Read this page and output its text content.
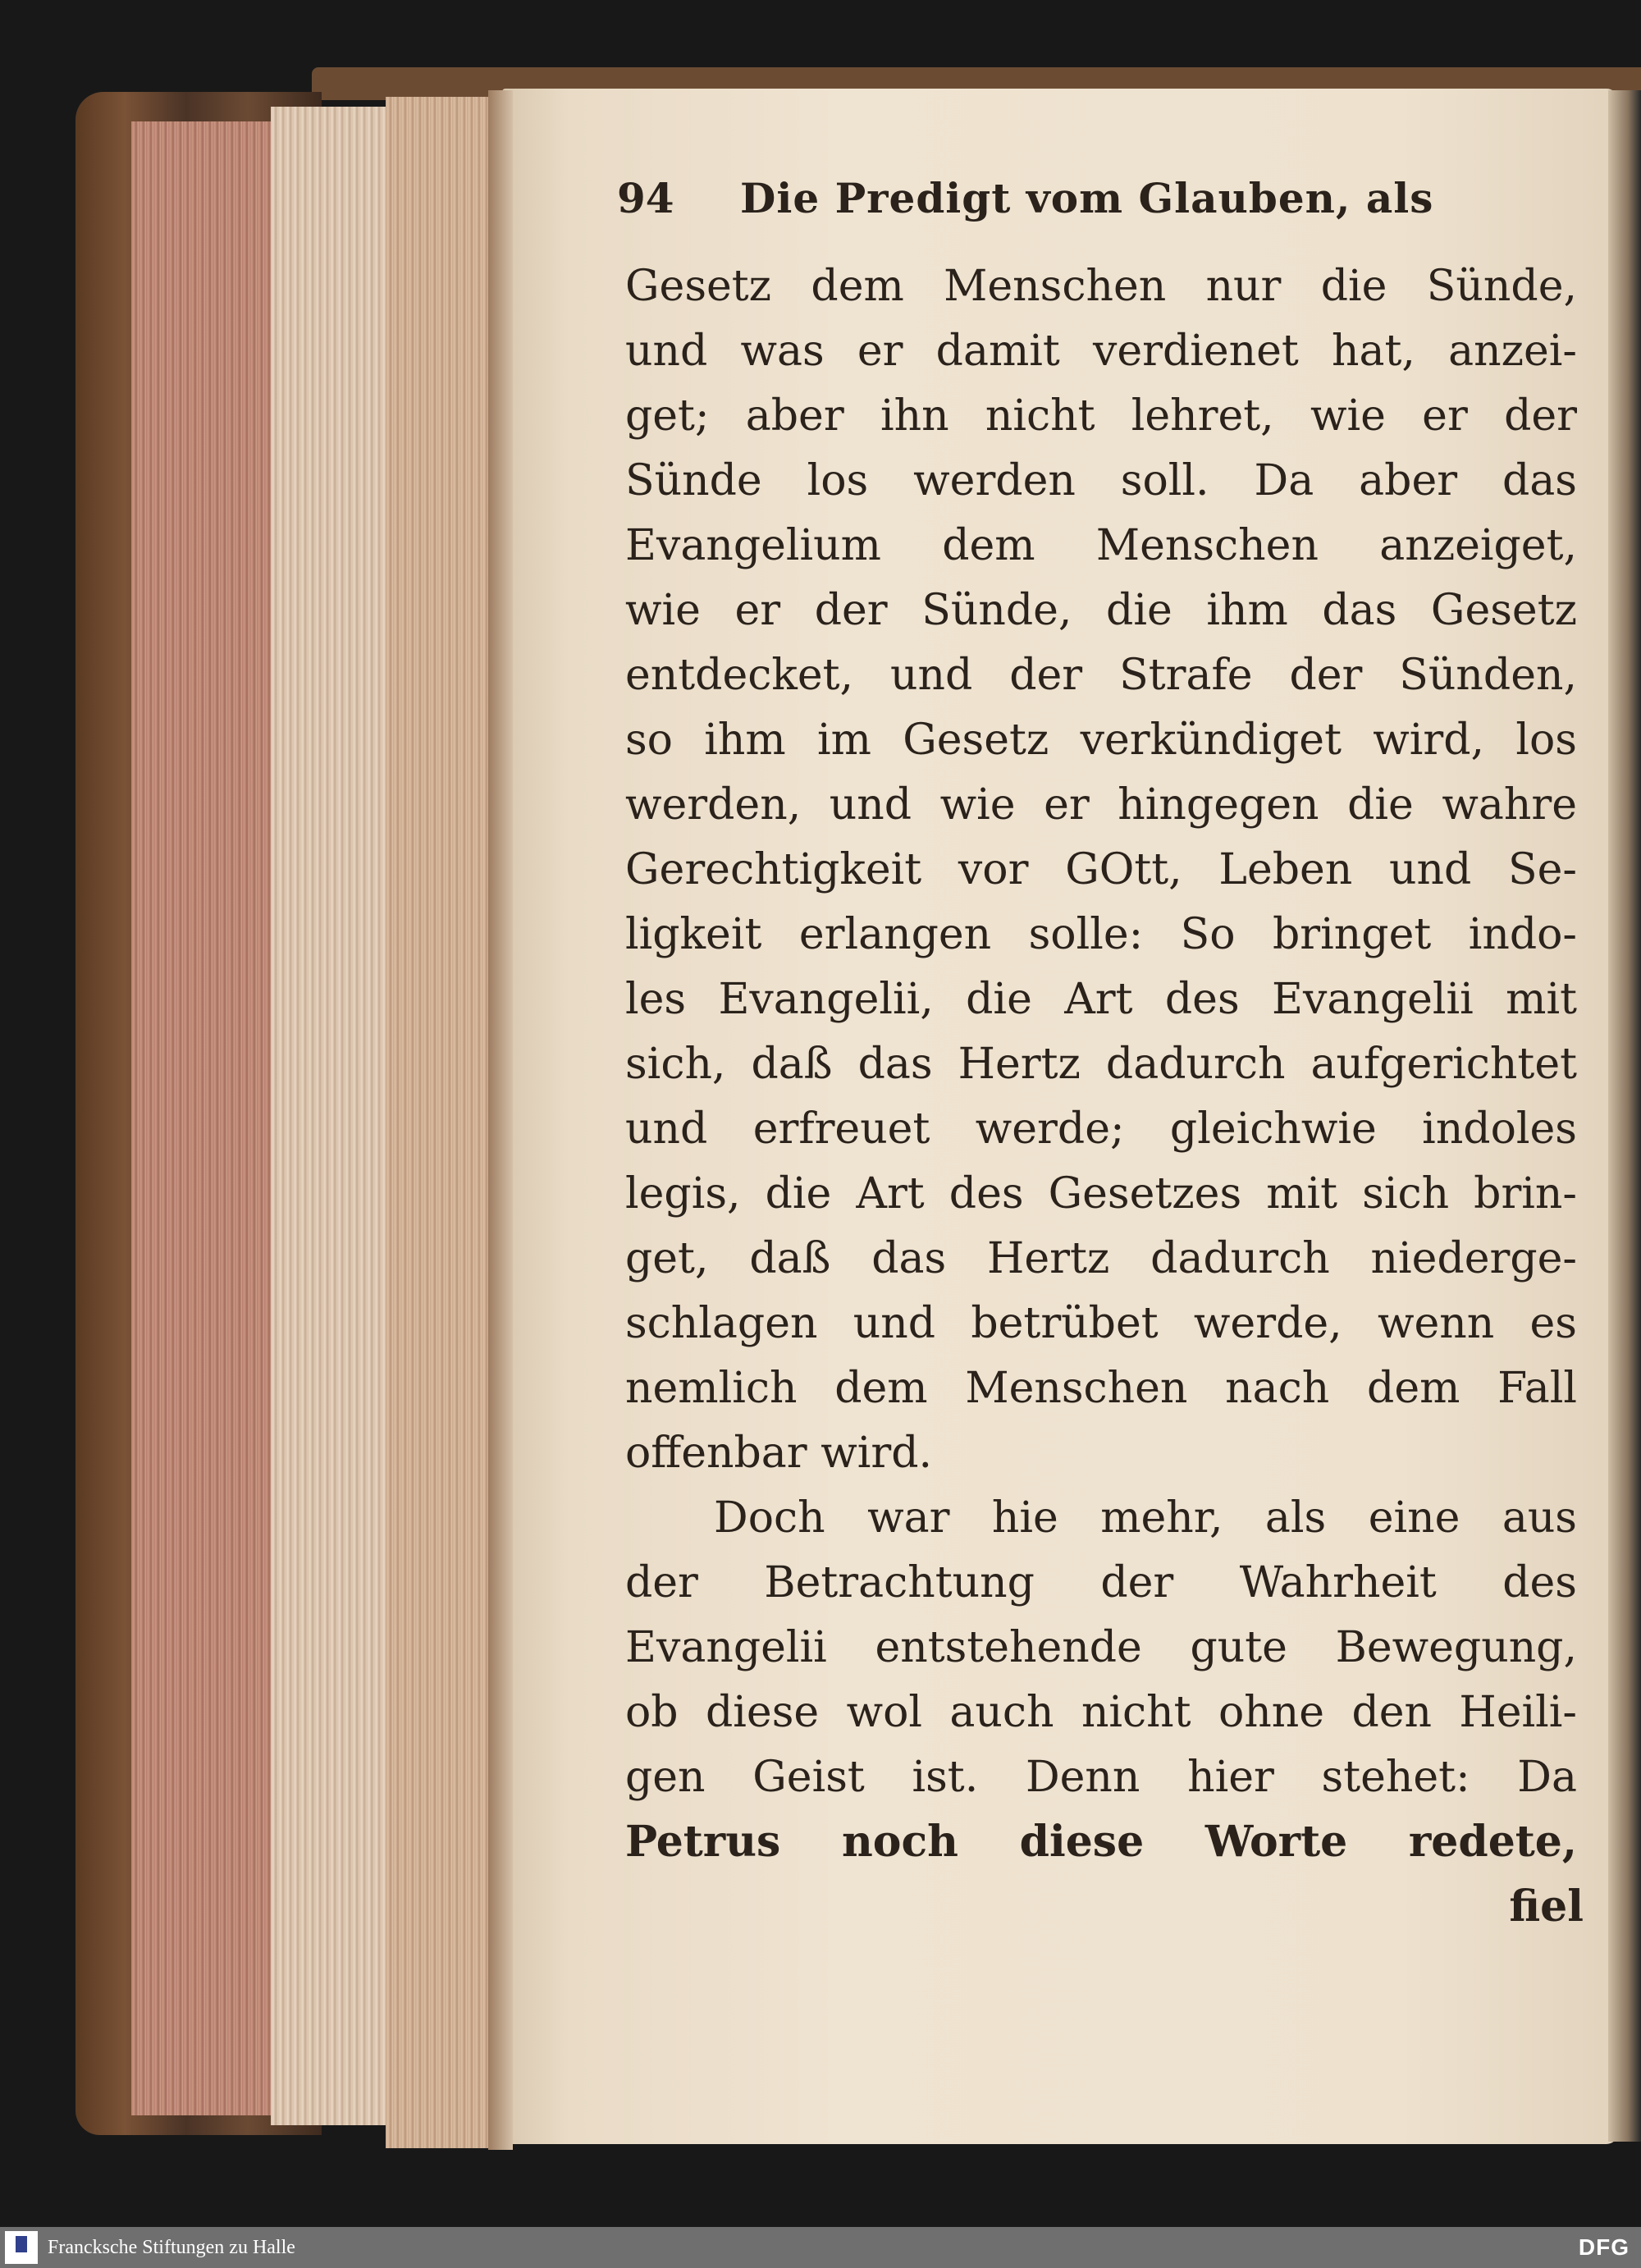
94 Die Predigt vom Glauben, als
Gesetz dem Menschen nur die Sünde,
und was er damit verdienet hat, anzei-
get; aber ihn nicht lehret, wie er der
Sünde los werden soll. Da aber das
Evangelium dem Menschen anzeiget,
wie er der Sünde, die ihm das Gesetz
entdecket, und der Strafe der Sünden,
so ihm im Gesetz verkündiget wird, los
werden, und wie er hingegen die wahre
Gerechtigkeit vor GOtt, Leben und Se-
ligkeit erlangen solle: So bringet indo-
les Evangelii, die Art des Evangelii mit
sich, daß das Hertz dadurch aufgerichtet
und erfreuet werde; gleichwie indoles
legis, die Art des Gesetzes mit sich brin-
get, daß das Hertz dadurch niederge-
schlagen und betrübet werde, wenn es
nemlich dem Menschen nach dem Fall
offenbar wird.
Doch war hie mehr, als eine aus
der Betrachtung der Wahrheit des
Evangelii entstehende gute Bewegung,
ob diese wol auch nicht ohne den Heili-
gen Geist ist. Denn hier stehet: Da
Petrus noch diese Worte redete,
fiel
Francksche Stiftungen zu Halle	DFG
